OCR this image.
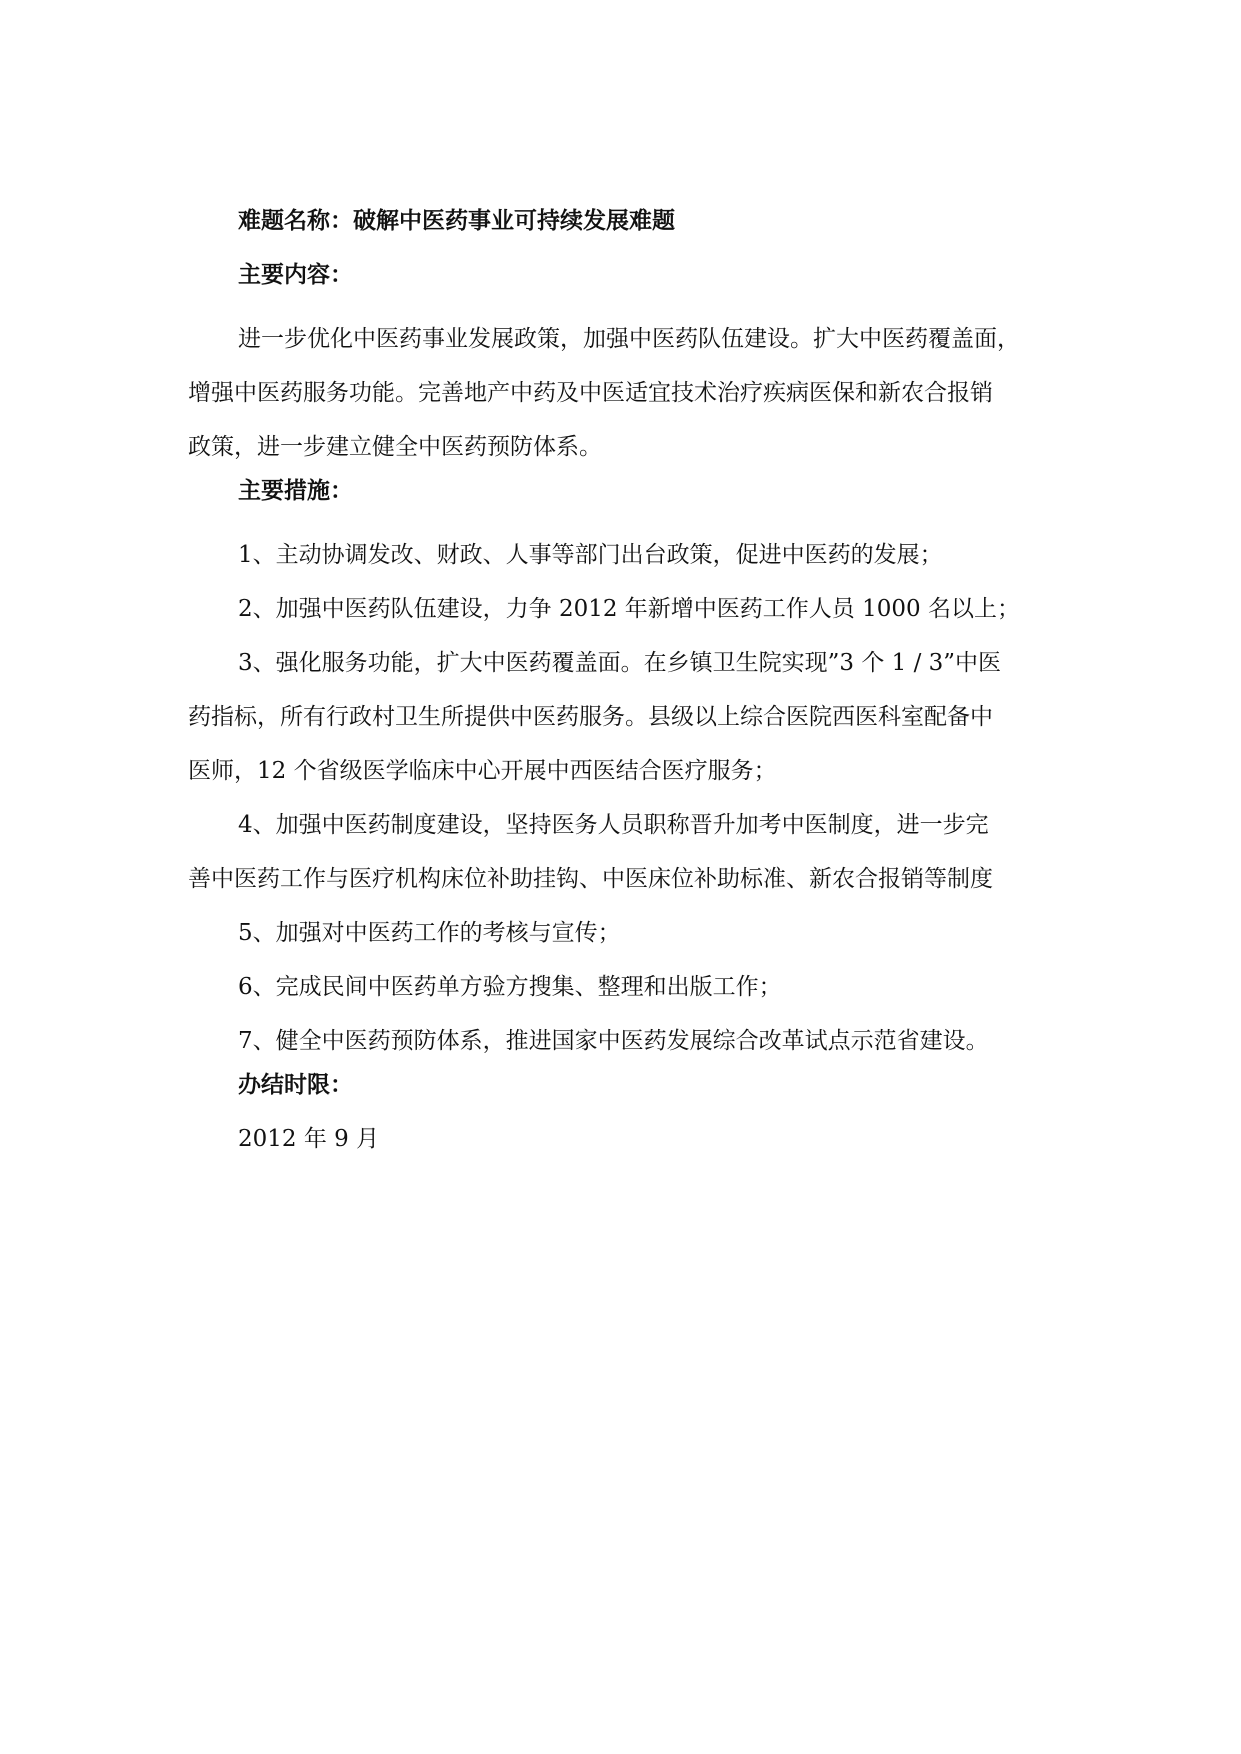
难题名称：破解中医药事业可持续发展难题
主要内容：
进一步优化中医药事业发展政策，加强中医药队伍建设。扩大中医药覆盖面，
增强中医药服务功能。完善地产中药及中医适宜技术治疗疾病医保和新农合报销
政策，进一步建立健全中医药预防体系。
主要措施：
1、主动协调发改、财政、人事等部门出台政策，促进中医药的发展；
2、加强中医药队伍建设，力争 2012 年新增中医药工作人员 1000 名以上；
3、强化服务功能，扩大中医药覆盖面。在乡镇卫生院实现”3 个 1 / 3”中医
药指标，所有行政村卫生所提供中医药服务。县级以上综合医院西医科室配备中
医师，12 个省级医学临床中心开展中西医结合医疗服务；
4、加强中医药制度建设，坚持医务人员职称晋升加考中医制度，进一步完
善中医药工作与医疗机构床位补助挂钩、中医床位补助标准、新农合报销等制度
5、加强对中医药工作的考核与宣传；
6、完成民间中医药单方验方搜集、整理和出版工作；
7、健全中医药预防体系，推进国家中医药发展综合改革试点示范省建设。
办结时限：
2012 年 9 月
